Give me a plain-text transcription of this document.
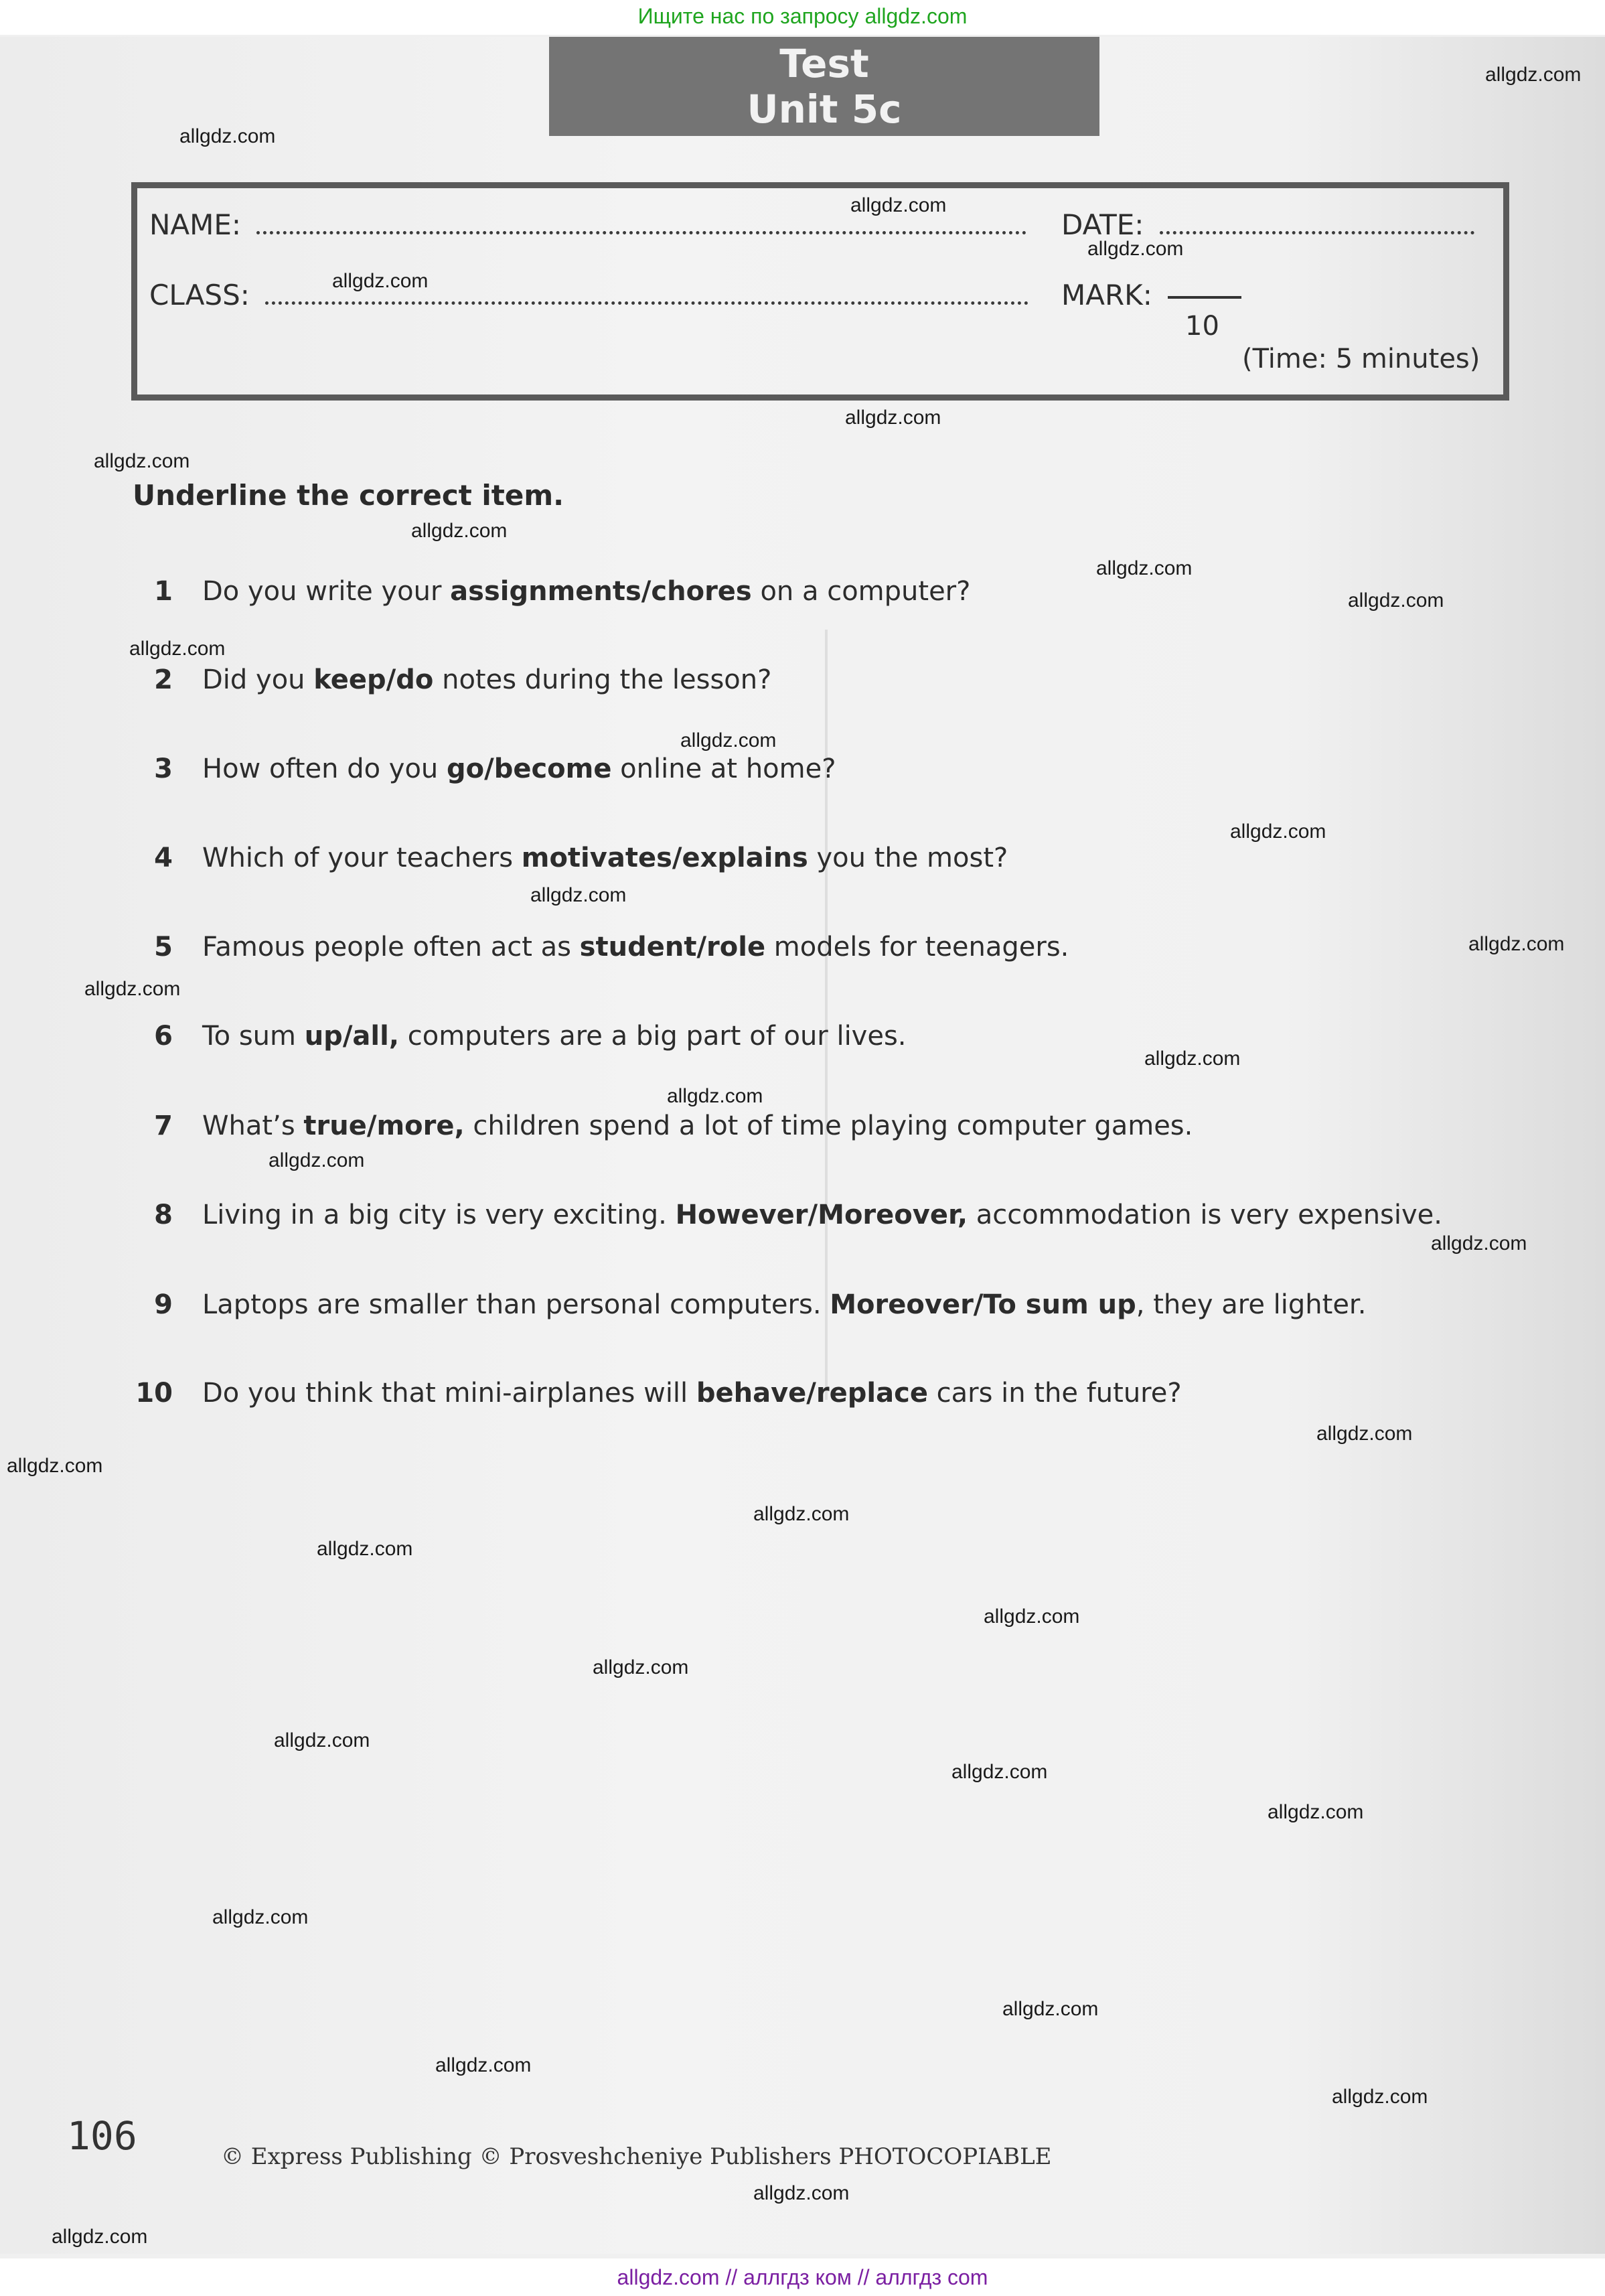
Ищите нас по запросу allgdz.com
Test
Unit 5c
NAME:	DATE:
CLASS:	MARK:
10
(Time: 5 minutes)
Underline the correct item.
1 Do you write your assignments/chores on a computer?
2 Did you keep/do notes during the lesson?
3 How often do you go/become online at home?
4 Which of your teachers motivates/explains you the most?
5 Famous people often act as student/role models for teenagers.
6 To sum up/all, computers are a big part of our lives.
7 What’s true/more, children spend a lot of time playing computer games.
8 Living in a big city is very exciting. However/Moreover, accommodation is very expensive.
9 Laptops are smaller than personal computers. Moreover/To sum up, they are lighter.
10 Do you think that mini-airplanes will behave/replace cars in the future?
allgdz.com
allgdz.com
allgdz.com
allgdz.com
allgdz.com
allgdz.com
allgdz.com
allgdz.com
allgdz.com
allgdz.com
allgdz.com
allgdz.com
allgdz.com
allgdz.com
allgdz.com
allgdz.com
allgdz.com
allgdz.com
allgdz.com
allgdz.com
allgdz.com
allgdz.com
allgdz.com
allgdz.com
allgdz.com
allgdz.com
allgdz.com
allgdz.com
allgdz.com
allgdz.com
allgdz.com
allgdz.com
allgdz.com
allgdz.com
allgdz.com
106	© Express Publishing © Prosveshcheniye Publishers PHOTOCOPIABLE
allgdz.com // аллгдз ком // аллгдз com
